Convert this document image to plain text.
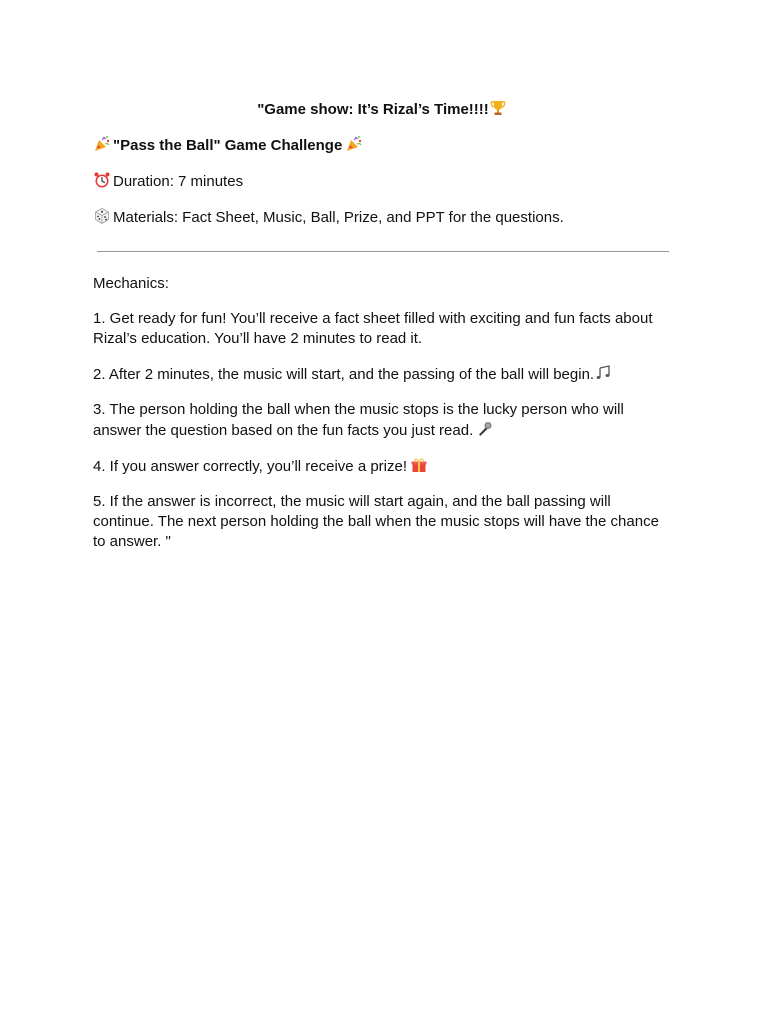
"Game show: It’s Rizal’s Time!!!!
"Pass the Ball" Game Challenge
Duration: 7 minutes
Materials: Fact Sheet, Music, Ball, Prize, and PPT for the questions.
Mechanics:
1. Get ready for fun! You’ll receive a fact sheet filled with exciting and fun facts about Rizal’s education. You’ll have 2 minutes to read it.
2. After 2 minutes, the music will start, and the passing of the ball will begin.
3. The person holding the ball when the music stops is the lucky person who will answer the question based on the fun facts you just read.
4. If you answer correctly, you’ll receive a prize!
5. If the answer is incorrect, the music will start again, and the ball passing will continue. The next person holding the ball when the music stops will have the chance to answer. "
